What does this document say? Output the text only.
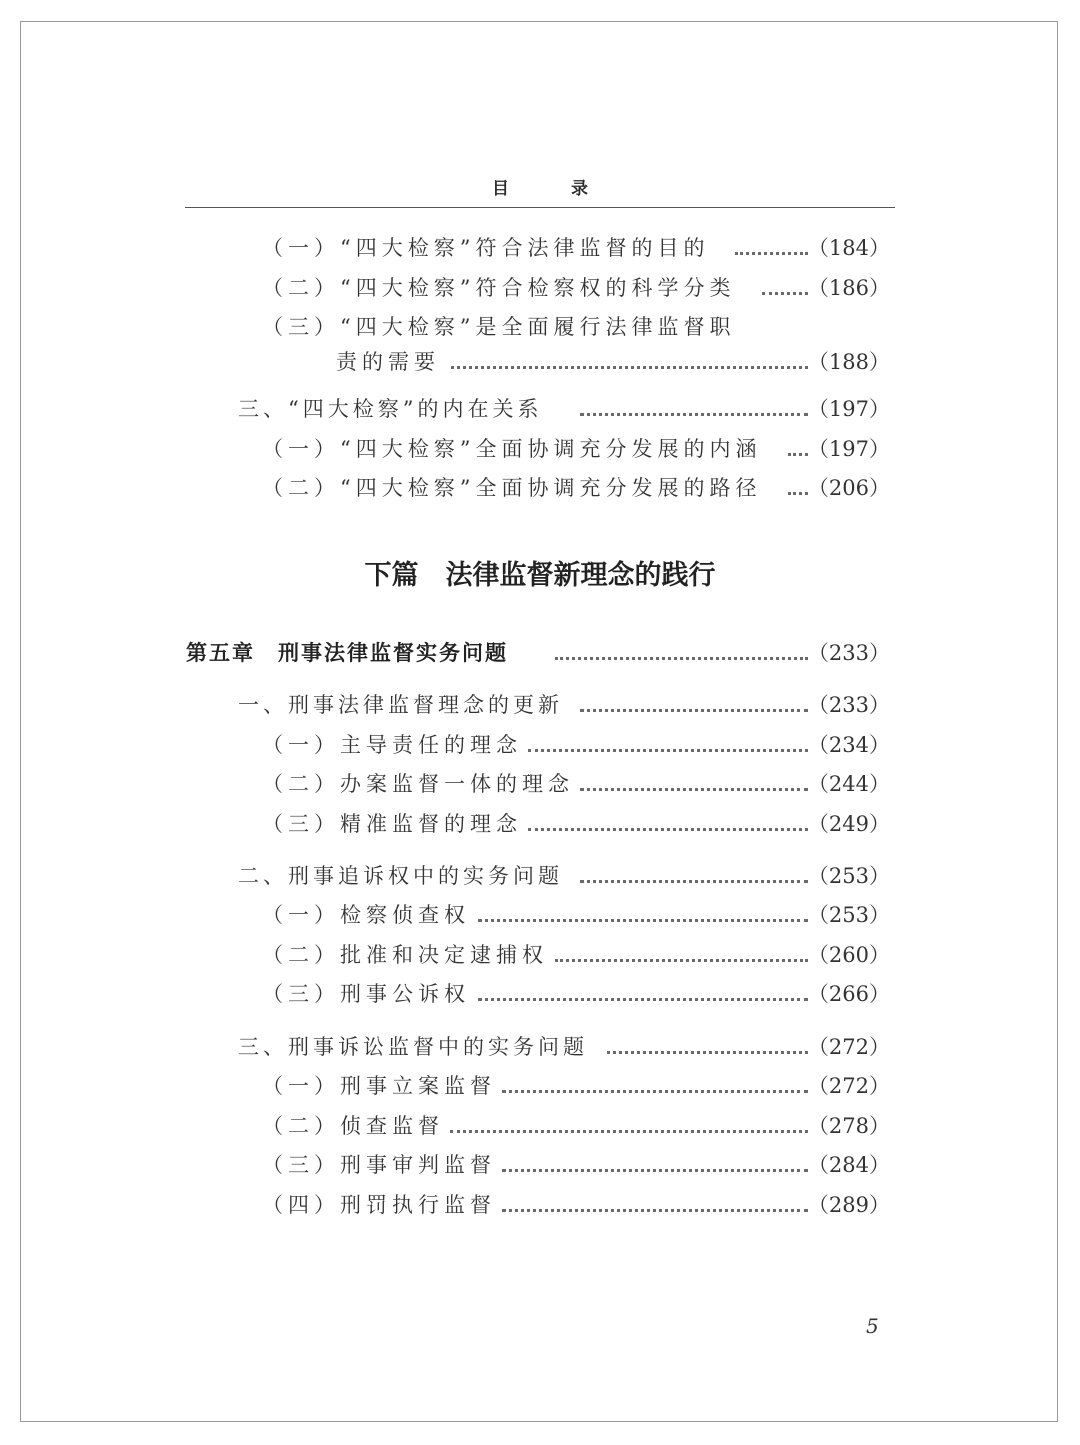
目 录
（一）“四大检察”符合法律监督的目的	（184）
（二）“四大检察”符合检察权的科学分类	（186）
（三）“四大检察”是全面履行法律监督职
责的需要	（188）
三、“四大检察”的内在关系	（197）
（一）“四大检察”全面协调充分发展的内涵 （197）
（二）“四大检察”全面协调充分发展的路径 （206）
下篇　法律监督新理念的践行
第五章　刑事法律监督实务问题	（233）
一、刑事法律监督理念的更新	（233）
（一）主导责任的理念	（234）
（二）办案监督一体的理念	（244）
（三）精准监督的理念	（249）
二、刑事追诉权中的实务问题	（253）
（一）检察侦查权	（253）
（二）批准和决定逮捕权	（260）
（三）刑事公诉权	（266）
三、刑事诉讼监督中的实务问题	（272）
（一）刑事立案监督	（272）
（二）侦查监督	（278）
（三）刑事审判监督	（284）
（四）刑罚执行监督	（289）
5
